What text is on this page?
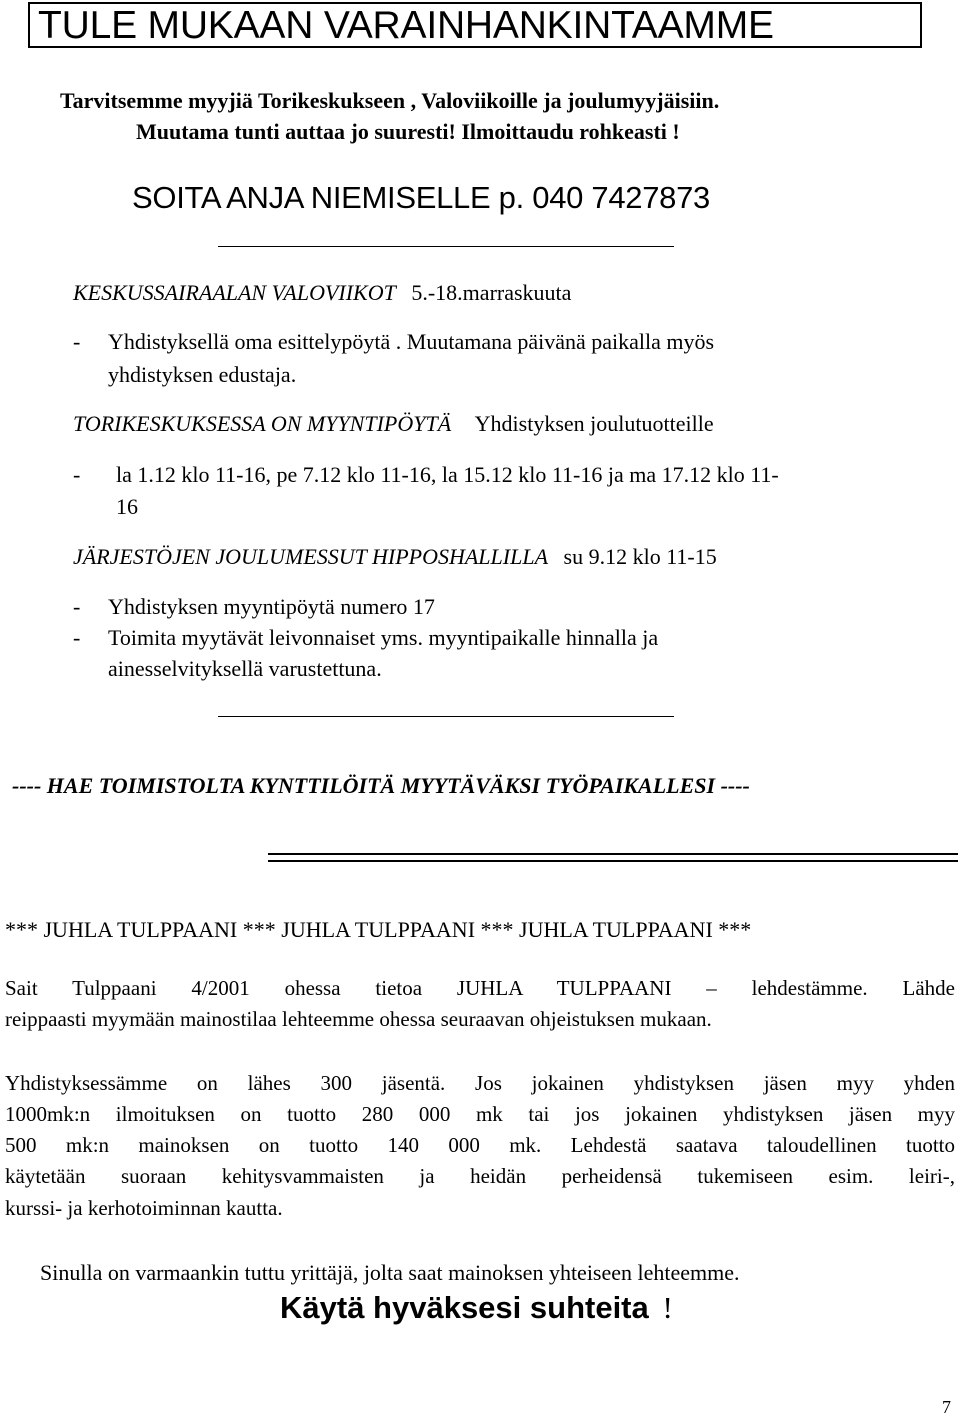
TULE MUKAAN VARAINHANKINTAAMME
Tarvitsemme myyjiä Torikeskukseen , Valoviikoille ja joulumyyjäisiin.
Muutama tunti auttaa jo suuresti! Ilmoittaudu rohkeasti !
SOITA ANJA NIEMISELLE p. 040 7427873
KESKUSSAIRAALAN VALOVIIKOT 5.-18.marraskuuta
- Yhdistyksellä oma esittelypöytä . Muutamana päivänä paikalla myös
yhdistyksen edustaja.
TORIKESKUKSESSA ON MYYNTIPÖYTÄ Yhdistyksen joulutuotteille
- la 1.12 klo 11-16, pe 7.12 klo 11-16, la 15.12 klo 11-16 ja ma 17.12 klo 11-
16
JÄRJESTÖJEN JOULUMESSUT HIPPOSHALLILLA su 9.12 klo 11-15
- Yhdistyksen myyntipöytä numero 17
- Toimita myytävät leivonnaiset yms. myyntipaikalle hinnalla ja
ainesselvityksellä varustettuna.
---- HAE TOIMISTOLTA KYNTTILÖITÄ MYYTÄVÄKSI TYÖPAIKALLESI ----
*** JUHLA TULPPAANI *** JUHLA TULPPAANI *** JUHLA TULPPAANI ***
Sait Tulppaani 4/2001 ohessa tietoa JUHLA TULPPAANI – lehdestämme. Lähde
reippaasti myymään mainostilaa lehteemme ohessa seuraavan ohjeistuksen mukaan.
Yhdistyksessämme on lähes 300 jäsentä. Jos jokainen yhdistyksen jäsen myy yhden
1000mk:n ilmoituksen on tuotto 280 000 mk tai jos jokainen yhdistyksen jäsen myy
500 mk:n mainoksen on tuotto 140 000 mk. Lehdestä saatava taloudellinen tuotto
käytetään suoraan kehitysvammaisten ja heidän perheidensä tukemiseen esim. leiri-,
kurssi- ja kerhotoiminnan kautta.
Sinulla on varmaankin tuttu yrittäjä, jolta saat mainoksen yhteiseen lehteemme.
Käytä hyväksesi suhteita !
7
